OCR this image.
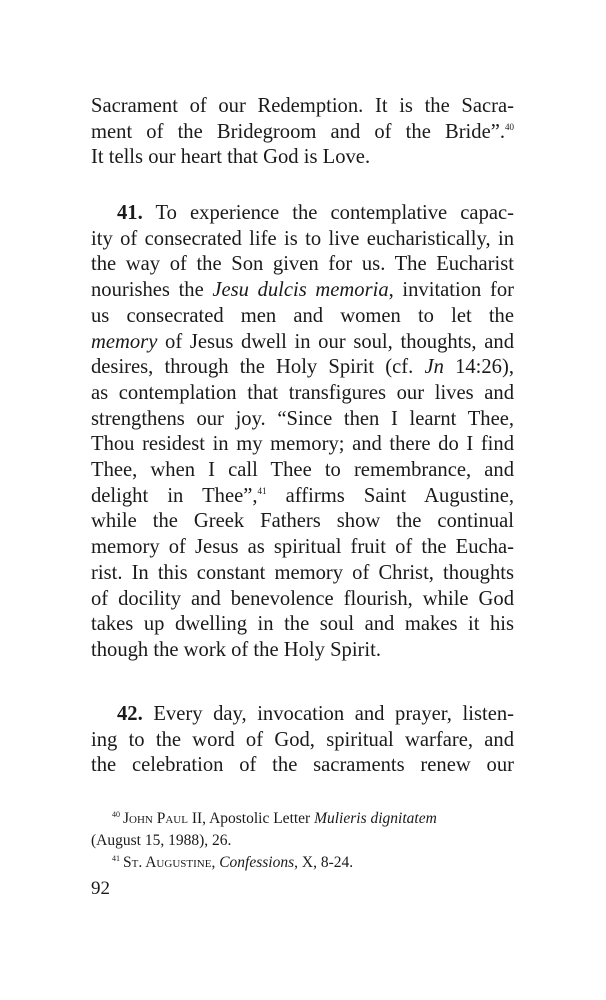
Sacrament of our Redemption. It is the Sacra-
ment of the Bridegroom and of the Bride”.$^{40}$
It tells our heart that God is Love.
41. To experience the contemplative capac-
ity of consecrated life is to live eucharistically, in
the way of the Son given for us. The Eucharist
nourishes the Jesu dulcis memoria, invitation for
us consecrated men and women to let the
memory of Jesus dwell in our soul, thoughts, and
desires, through the Holy Spirit (cf. Jn 14:26),
as contemplation that transfigures our lives and
strengthens our joy. “Since then I learnt Thee,
Thou residest in my memory; and there do I find
Thee, when I call Thee to remembrance, and
delight in Thee”,$^{41}$ affirms Saint Augustine,
while the Greek Fathers show the continual
memory of Jesus as spiritual fruit of the Eucha-
rist. In this constant memory of Christ, thoughts
of docility and benevolence flourish, while God
takes up dwelling in the soul and makes it his
though the work of the Holy Spirit.
42. Every day, invocation and prayer, listen-
ing to the word of God, spiritual warfare, and
the celebration of the sacraments renew our
$^{40}$ John Paul II, Apostolic Letter Mulieris dignitatem
(August 15, 1988), 26.
$^{41}$ St. Augustine, Confessions, X, 8-24.
92
